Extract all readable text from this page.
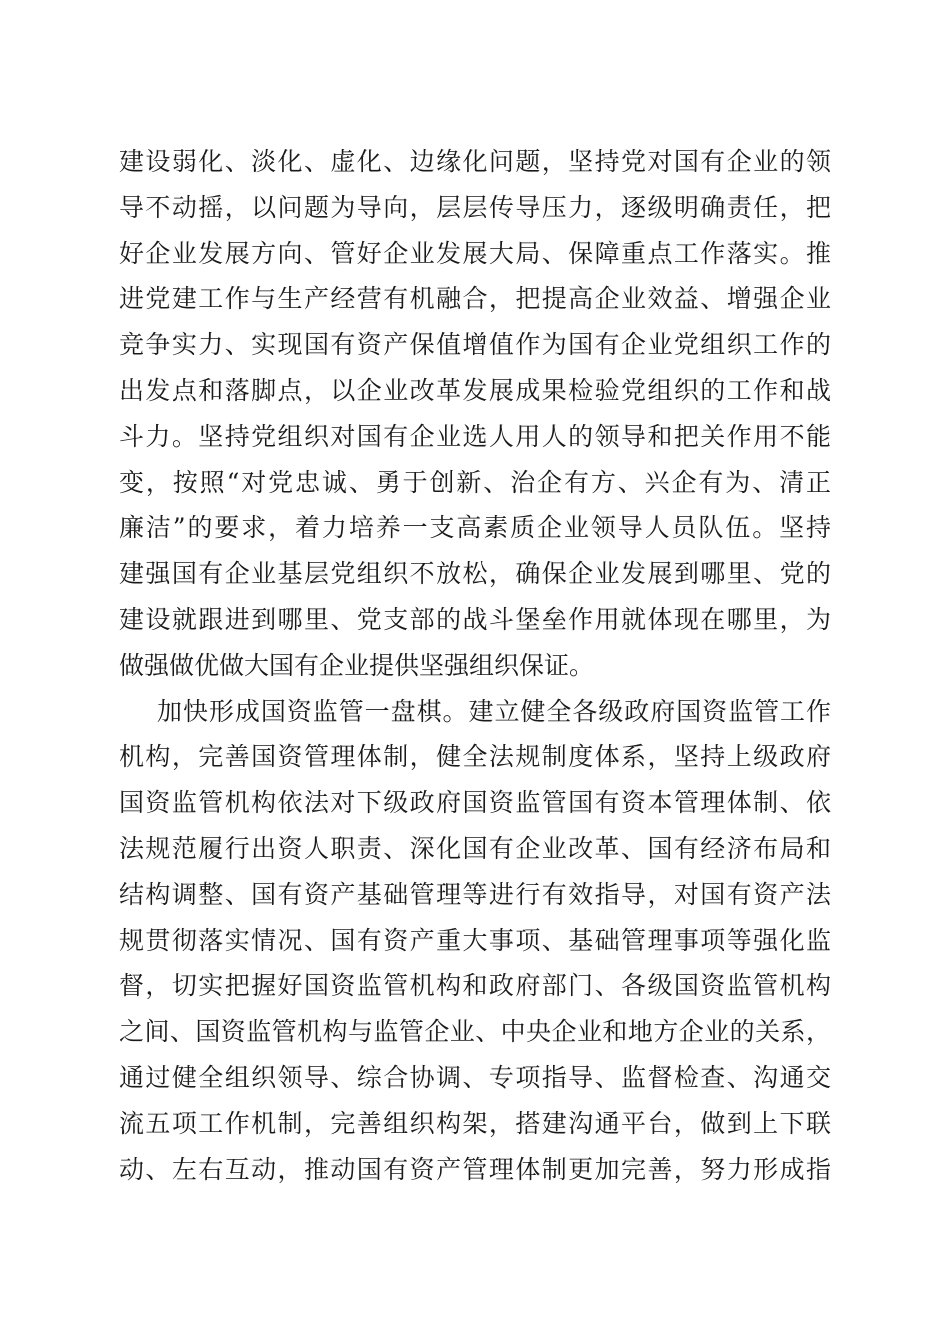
建设弱化、淡化、虚化、边缘化问题，坚持党对国有企业的领
导不动摇，以问题为导向，层层传导压力，逐级明确责任，把
好企业发展方向、管好企业发展大局、保障重点工作落实。推
进党建工作与生产经营有机融合，把提高企业效益、增强企业
竞争实力、实现国有资产保值增值作为国有企业党组织工作的
出发点和落脚点，以企业改革发展成果检验党组织的工作和战
斗力。坚持党组织对国有企业选人用人的领导和把关作用不能
变，按照“对党忠诚、勇于创新、治企有方、兴企有为、清正
廉洁”的要求，着力培养一支高素质企业领导人员队伍。坚持
建强国有企业基层党组织不放松，确保企业发展到哪里、党的
建设就跟进到哪里、党支部的战斗堡垒作用就体现在哪里，为
做强做优做大国有企业提供坚强组织保证。
加快形成国资监管一盘棋。建立健全各级政府国资监管工作
机构，完善国资管理体制，健全法规制度体系，坚持上级政府
国资监管机构依法对下级政府国资监管国有资本管理体制、依
法规范履行出资人职责、深化国有企业改革、国有经济布局和
结构调整、国有资产基础管理等进行有效指导，对国有资产法
规贯彻落实情况、国有资产重大事项、基础管理事项等强化监
督，切实把握好国资监管机构和政府部门、各级国资监管机构
之间、国资监管机构与监管企业、中央企业和地方企业的关系，
通过健全组织领导、综合协调、专项指导、监督检查、沟通交
流五项工作机制，完善组织构架，搭建沟通平台，做到上下联
动、左右互动，推动国有资产管理体制更加完善，努力形成指
